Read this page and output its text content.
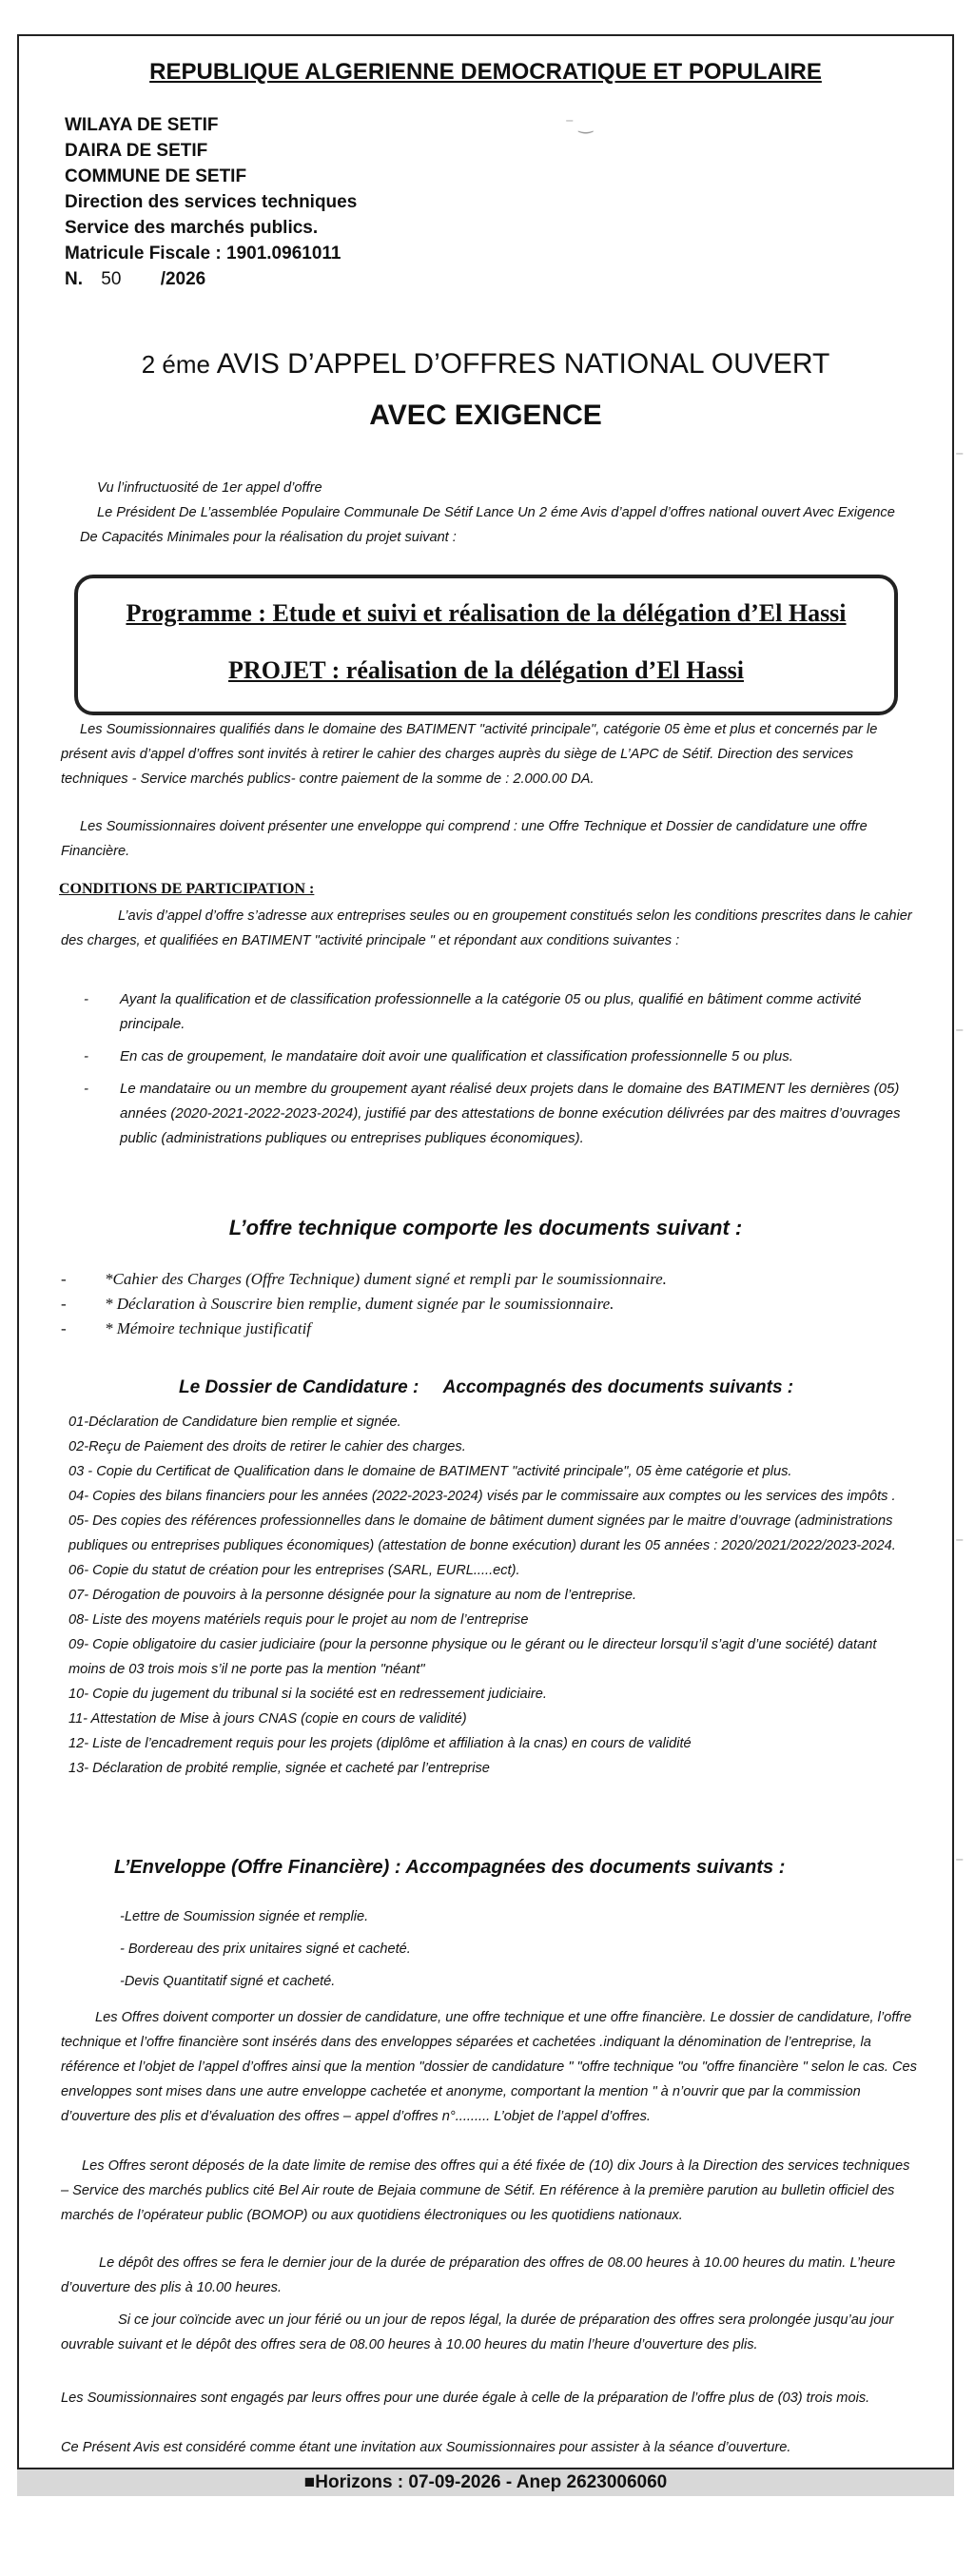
REPUBLIQUE ALGERIENNE DEMOCRATIQUE ET POPULAIRE
WILAYA DE SETIF
DAIRA DE SETIF
COMMUNE DE SETIF
Direction des services techniques
Service des marchés publics.
Matricule Fiscale : 1901.0961011
N. 50 /2026
2 éme AVIS D’APPEL D’OFFRES NATIONAL OUVERT
AVEC EXIGENCE
Vu l’infructuosité de 1er appel d’offre
Le Président De L’assemblée Populaire Communale De Sétif Lance Un 2 éme Avis d’appel d’offres national ouvert Avec Exigence De Capacités Minimales pour la réalisation du projet suivant :
Programme : Etude et suivi et réalisation de la délégation d’El Hassi
PROJET : réalisation de la délégation d’El Hassi
Les Soumissionnaires qualifiés dans le domaine des BATIMENT "activité principale", catégorie 05 ème et plus et concernés par le présent avis d’appel d’offres sont invités à retirer le cahier des charges auprès du siège de L’APC de Sétif. Direction des services techniques - Service marchés publics- contre paiement de la somme de : 2.000.00 DA.
Les Soumissionnaires doivent présenter une enveloppe qui comprend : une Offre Technique et Dossier de candidature une offre Financière.
CONDITIONS DE PARTICIPATION :
L’avis d’appel d’offre s’adresse aux entreprises seules ou en groupement constitués selon les conditions prescrites dans le cahier des charges, et qualifiées en BATIMENT "activité principale " et répondant aux conditions suivantes :
- Ayant la qualification et de classification professionnelle a la catégorie 05 ou plus, qualifié en bâtiment comme activité principale.
- En cas de groupement, le mandataire doit avoir une qualification et classification professionnelle 5 ou plus.
- Le mandataire ou un membre du groupement ayant réalisé deux projets dans le domaine des BATIMENT les dernières (05) années (2020-2021-2022-2023-2024), justifié par des attestations de bonne exécution délivrées par des maitres d’ouvrages public (administrations publiques ou entreprises publiques économiques).
L’offre technique comporte les documents suivant :
- *Cahier des Charges (Offre Technique) dument signé et rempli par le soumissionnaire.
- * Déclaration à Souscrire bien remplie, dument signée par le soumissionnaire.
- * Mémoire technique justificatif
Le Dossier de Candidature : Accompagnés des documents suivants :
01-Déclaration de Candidature bien remplie et signée.
02-Reçu de Paiement des droits de retirer le cahier des charges.
03 - Copie du Certificat de Qualification dans le domaine de BATIMENT "activité principale", 05 ème catégorie et plus.
04- Copies des bilans financiers pour les années (2022-2023-2024) visés par le commissaire aux comptes ou les services des impôts .
05- Des copies des références professionnelles dans le domaine de bâtiment dument signées par le maitre d’ouvrage (administrations publiques ou entreprises publiques économiques) (attestation de bonne exécution) durant les 05 années : 2020/2021/2022/2023-2024.
06- Copie du statut de création pour les entreprises (SARL, EURL.....ect).
07- Dérogation de pouvoirs à la personne désignée pour la signature au nom de l’entreprise.
08- Liste des moyens matériels requis pour le projet au nom de l’entreprise
09- Copie obligatoire du casier judiciaire (pour la personne physique ou le gérant ou le directeur lorsqu’il s’agit d’une société) datant moins de 03 trois mois s’il ne porte pas la mention "néant"
10- Copie du jugement du tribunal si la société est en redressement judiciaire.
11- Attestation de Mise à jours CNAS (copie en cours de validité)
12- Liste de l’encadrement requis pour les projets (diplôme et affiliation à la cnas) en cours de validité
13- Déclaration de probité remplie, signée et cacheté par l’entreprise
L’Enveloppe (Offre Financière) : Accompagnées des documents suivants :
-Lettre de Soumission signée et remplie.
- Bordereau des prix unitaires signé et cacheté.
-Devis Quantitatif signé et cacheté.
Les Offres doivent comporter un dossier de candidature, une offre technique et une offre financière. Le dossier de candidature, l’offre technique et l’offre financière sont insérés dans des enveloppes séparées et cachetées .indiquant la dénomination de l’entreprise, la référence et l’objet de l’appel d’offres ainsi que la mention "dossier de candidature " "offre technique "ou "offre financière " selon le cas. Ces enveloppes sont mises dans une autre enveloppe cachetée et anonyme, comportant la mention " à n’ouvrir que par la commission d’ouverture des plis et d’évaluation des offres – appel d’offres n°......... L’objet de l’appel d’offres.
Les Offres seront déposés de la date limite de remise des offres qui a été fixée de (10) dix Jours à la Direction des services techniques – Service des marchés publics cité Bel Air route de Bejaia commune de Sétif. En référence à la première parution au bulletin officiel des marchés de l’opérateur public (BOMOP) ou aux quotidiens électroniques ou les quotidiens nationaux.
Le dépôt des offres se fera le dernier jour de la durée de préparation des offres de 08.00 heures à 10.00 heures du matin. L’heure d’ouverture des plis à 10.00 heures.
Si ce jour coïncide avec un jour férié ou un jour de repos légal, la durée de préparation des offres sera prolongée jusqu’au jour ouvrable suivant et le dépôt des offres sera de 08.00 heures à 10.00 heures du matin l’heure d’ouverture des plis.
Les Soumissionnaires sont engagés par leurs offres pour une durée égale à celle de la préparation de l’offre plus de (03) trois mois.
Ce Présent Avis est considéré comme étant une invitation aux Soumissionnaires pour assister à la séance d’ouverture.
■Horizons : 07-09-2026 - Anep 2623006060
⁻ ‿
⁻
⁻
⁻
⁻
